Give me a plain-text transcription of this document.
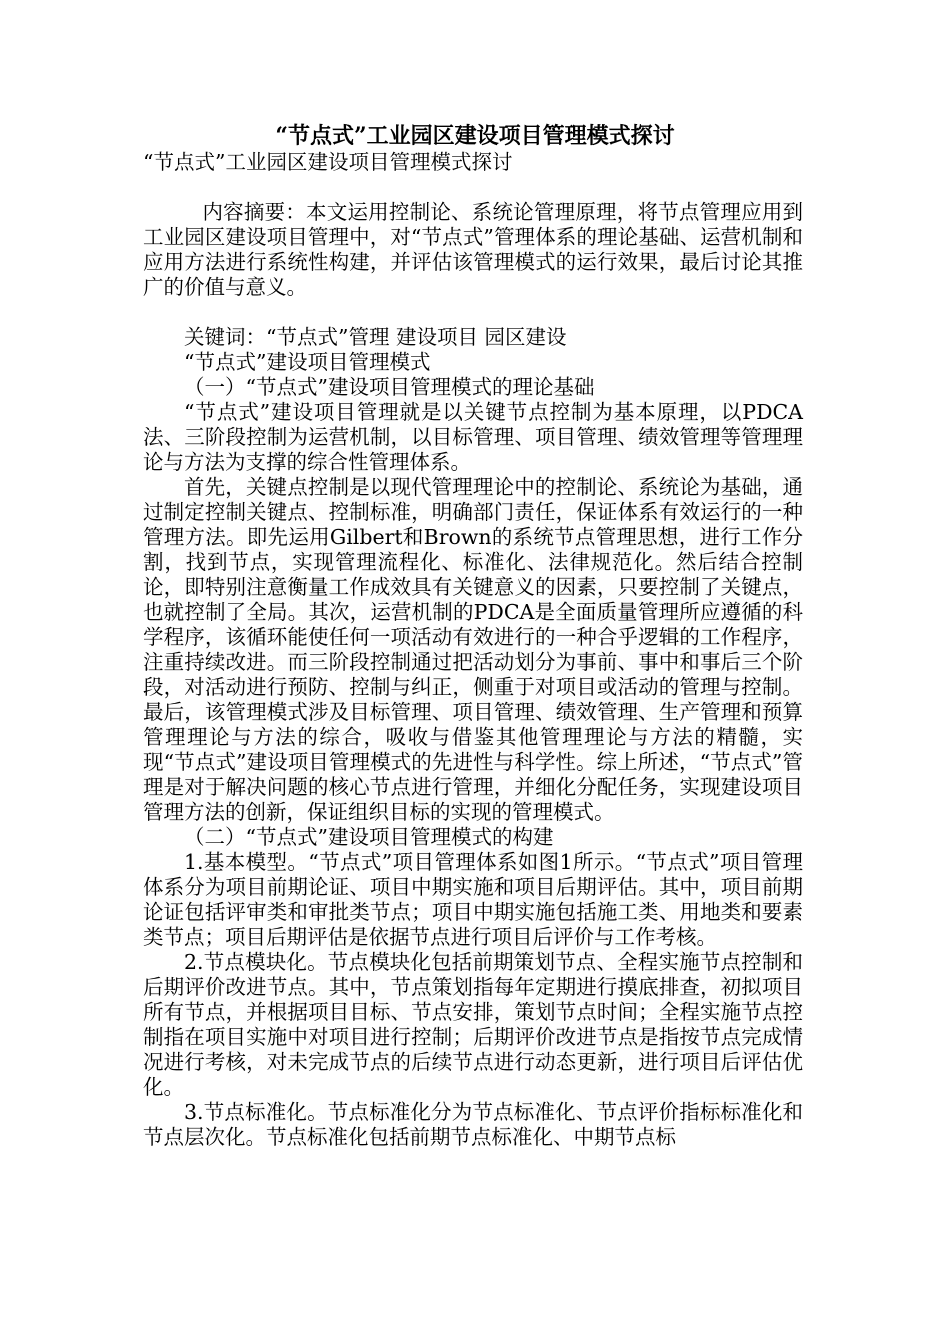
“节点式”工业园区建设项目管理模式探讨

“节点式”工业园区建设项目管理模式探讨

内容摘要：本文运用控制论、系统论管理原理，将节点管理应用到工业园区建设项目管理中，对“节点式”管理体系的理论基础、运营机制和应用方法进行系统性构建，并评估该管理模式的运行效果，最后讨论其推广的价值与意义。

关键词：“节点式”管理 建设项目 园区建设

“节点式”建设项目管理模式

（一）“节点式”建设项目管理模式的理论基础

“节点式”建设项目管理就是以关键节点控制为基本原理，以PDCA法、三阶段控制为运营机制，以目标管理、项目管理、绩效管理等管理理论与方法为支撑的综合性管理体系。

首先，关键点控制是以现代管理理论中的控制论、系统论为基础，通过制定控制关键点、控制标准，明确部门责任，保证体系有效运行的一种管理方法。即先运用Gilbert和Brown的系统节点管理思想，进行工作分割，找到节点，实现管理流程化、标准化、法律规范化。然后结合控制论，即特别注意衡量工作成效具有关键意义的因素，只要控制了关键点，也就控制了全局。其次，运营机制的PDCA是全面质量管理所应遵循的科学程序，该循环能使任何一项活动有效进行的一种合乎逻辑的工作程序，注重持续改进。而三阶段控制通过把活动划分为事前、事中和事后三个阶段，对活动进行预防、控制与纠正，侧重于对项目或活动的管理与控制。最后，该管理模式涉及目标管理、项目管理、绩效管理、生产管理和预算管理理论与方法的综合，吸收与借鉴其他管理理论与方法的精髓，实现“节点式”建设项目管理模式的先进性与科学性。综上所述，“节点式”管理是对于解决问题的核心节点进行管理，并细化分配任务，实现建设项目管理方法的创新，保证组织目标的实现的管理模式。

（二）“节点式”建设项目管理模式的构建

1.基本模型。“节点式”项目管理体系如图1所示。“节点式”项目管理体系分为项目前期论证、项目中期实施和项目后期评估。其中，项目前期论证包括评审类和审批类节点；项目中期实施包括施工类、用地类和要素类节点；项目后期评估是依据节点进行项目后评价与工作考核。

2.节点模块化。节点模块化包括前期策划节点、全程实施节点控制和后期评价改进节点。其中，节点策划指每年定期进行摸底排查，初拟项目所有节点，并根据项目目标、节点安排，策划节点时间；全程实施节点控制指在项目实施中对项目进行控制；后期评价改进节点是指按节点完成情况进行考核，对未完成节点的后续节点进行动态更新，进行项目后评估优化。

3.节点标准化。节点标准化分为节点标准化、节点评价指标标准化和节点层次化。节点标准化包括前期节点标准化、中期节点标
